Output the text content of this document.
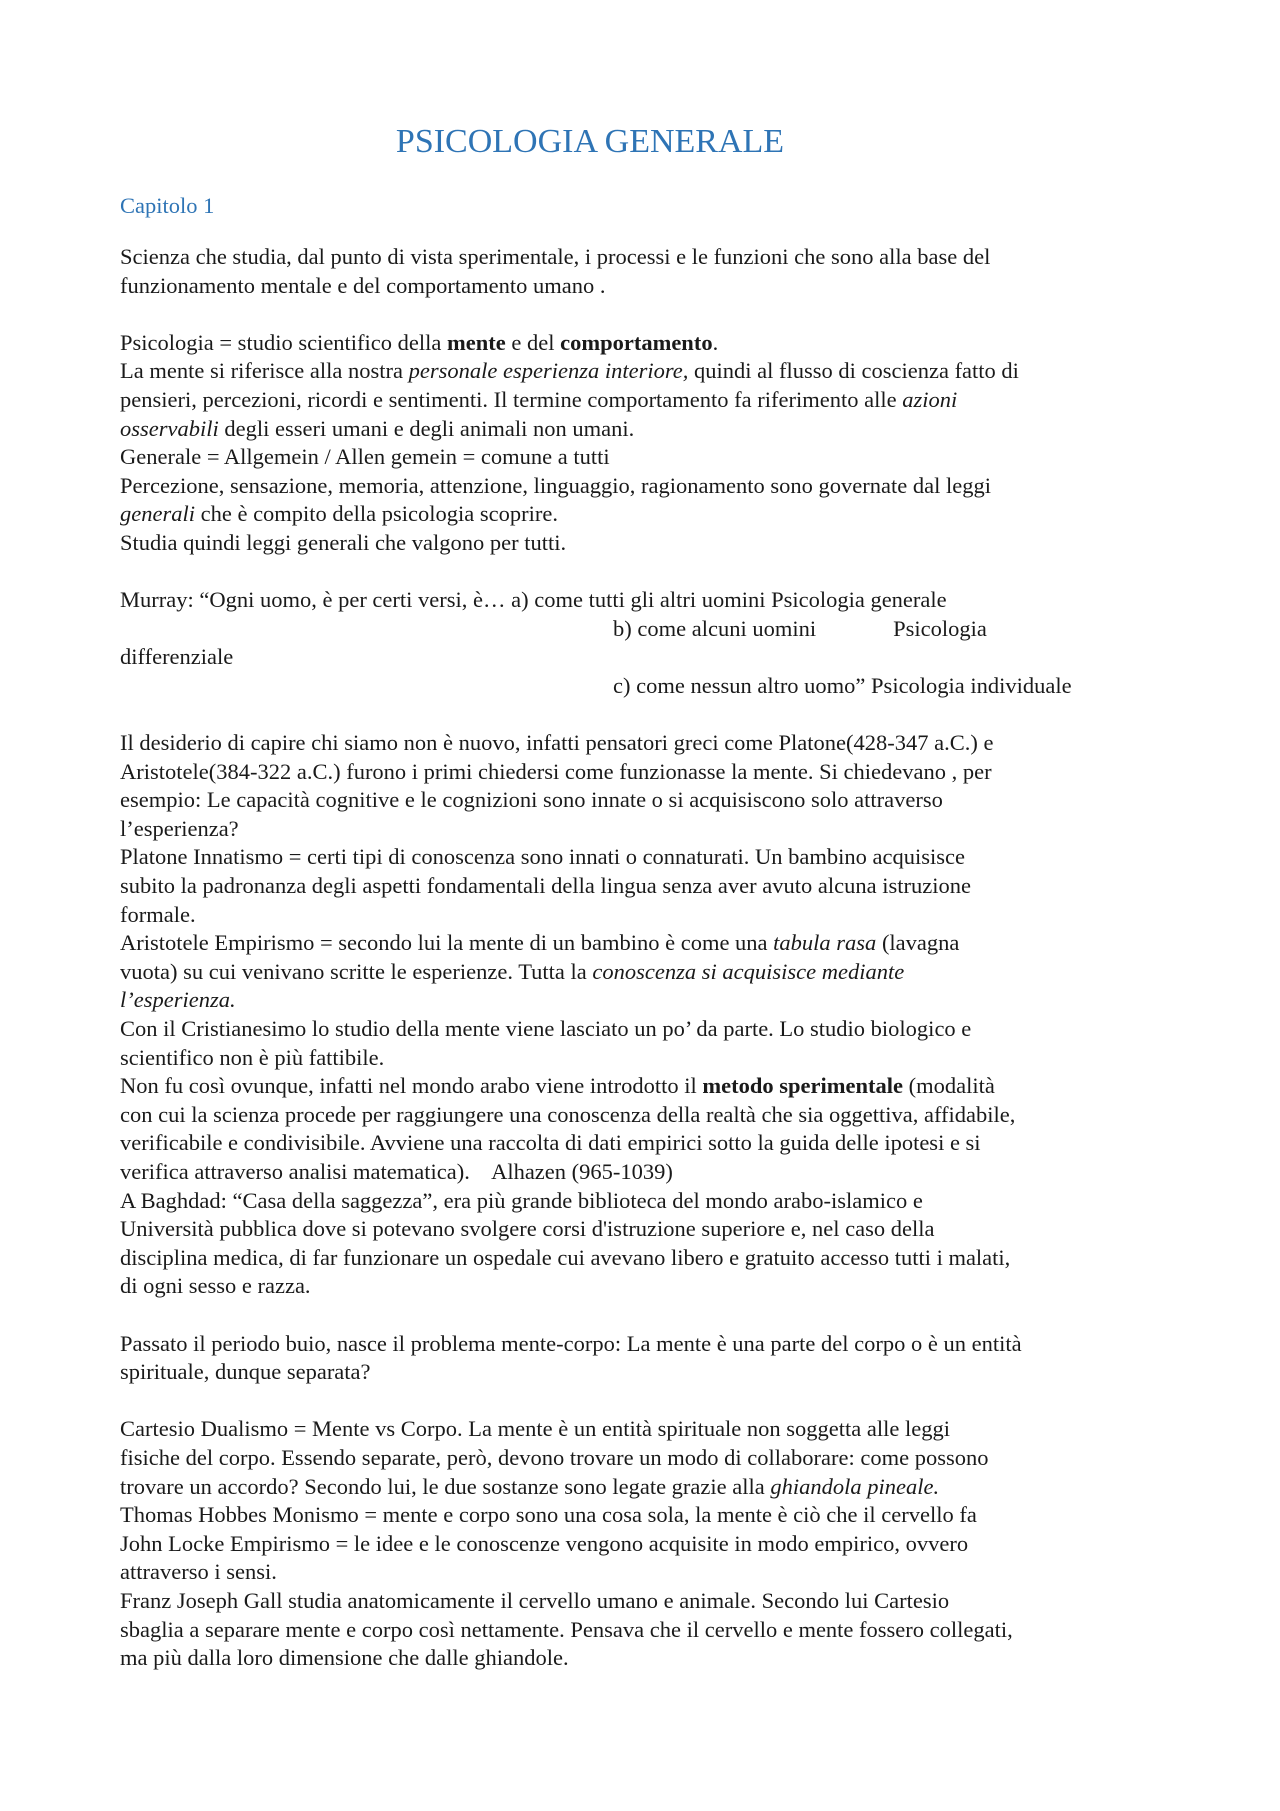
PSICOLOGIA GENERALE
Capitolo 1

Scienza che studia, dal punto di vista sperimentale, i processi e le funzioni che sono alla base del
funzionamento mentale e del comportamento umano .

Psicologia = studio scientifico della mente e del comportamento.

La mente si riferisce alla nostra personale esperienza interiore, quindi al flusso di coscienza fatto di
pensieri, percezioni, ricordi e sentimenti. Il termine comportamento fa riferimento alle azioni
osservabili degli esseri umani e degli animali non umani.

Generale = Allgemein / Allen gemein = comune a tutti

Percezione, sensazione, memoria, attenzione, linguaggio, ragionamento sono governate dal leggi
generali che è compito della psicologia scoprire.

Studia quindi leggi generali che valgono per tutti.

Murray: “Ogni uomo, è per certi versi, è… a) come tutti gli altri uomini Psicologia generale
b) come alcuni uomini	Psicologia
differenziale
c) come nessun altro uomo” Psicologia individuale

Il desiderio di capire chi siamo non è nuovo, infatti pensatori greci come Platone(428-347 a.C.) e
Aristotele(384-322 a.C.) furono i primi chiedersi come funzionasse la mente. Si chiedevano , per
esempio: Le capacità cognitive e le cognizioni sono innate o si acquisiscono solo attraverso
l’esperienza?

Platone Innatismo = certi tipi di conoscenza sono innati o connaturati. Un bambino acquisisce
subito la padronanza degli aspetti fondamentali della lingua senza aver avuto alcuna istruzione
formale.

Aristotele Empirismo = secondo lui la mente di un bambino è come una tabula rasa (lavagna
vuota) su cui venivano scritte le esperienze. Tutta la conoscenza si acquisisce mediante
l’esperienza.

Con il Cristianesimo lo studio della mente viene lasciato un po’ da parte. Lo studio biologico e
scientifico non è più fattibile.

Non fu così ovunque, infatti nel mondo arabo viene introdotto il metodo sperimentale (modalità
con cui la scienza procede per raggiungere una conoscenza della realtà che sia oggettiva, affidabile,
verificabile e condivisibile. Avviene una raccolta di dati empirici sotto la guida delle ipotesi e si
verifica attraverso analisi matematica).    Alhazen (965-1039)

A Baghdad: “Casa della saggezza”, era più grande biblioteca del mondo arabo-islamico e
Università pubblica dove si potevano svolgere corsi d'istruzione superiore e, nel caso della
disciplina medica, di far funzionare un ospedale cui avevano libero e gratuito accesso tutti i malati,
di ogni sesso e razza.

Passato il periodo buio, nasce il problema mente-corpo: La mente è una parte del corpo o è un entità
spirituale, dunque separata?

Cartesio Dualismo = Mente vs Corpo. La mente è un entità spirituale non soggetta alle leggi
fisiche del corpo. Essendo separate, però, devono trovare un modo di collaborare: come possono
trovare un accordo? Secondo lui, le due sostanze sono legate grazie alla ghiandola pineale.

Thomas Hobbes Monismo = mente e corpo sono una cosa sola, la mente è ciò che il cervello fa

John Locke Empirismo = le idee e le conoscenze vengono acquisite in modo empirico, ovvero
attraverso i sensi.

Franz Joseph Gall studia anatomicamente il cervello umano e animale. Secondo lui Cartesio
sbaglia a separare mente e corpo così nettamente. Pensava che il cervello e mente fossero collegati,
ma più dalla loro dimensione che dalle ghiandole.
